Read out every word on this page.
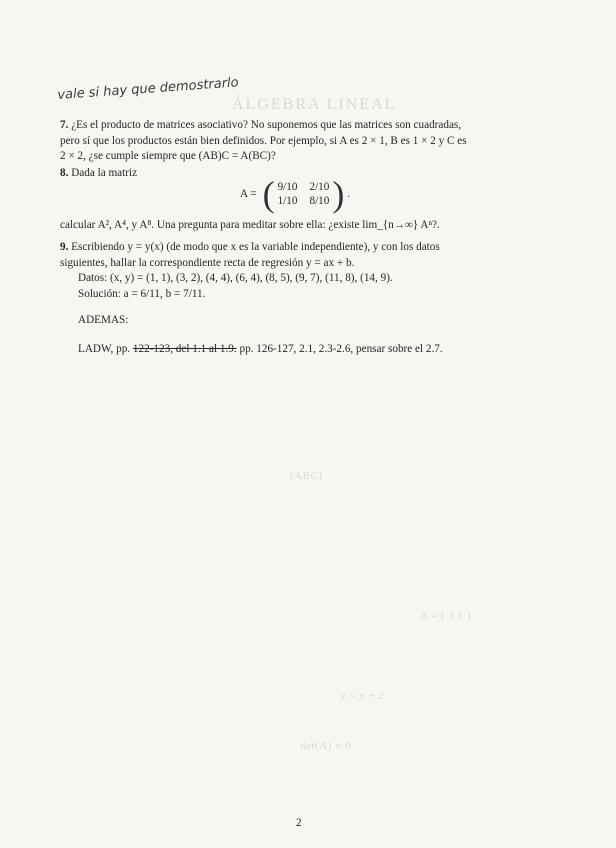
ÁLGEBRA LINEAL
(ABC)
A = ( 3 1 )
y = x + 2
det(A) = 0
vale si hay que demostrarlo
7. ¿Es el producto de matrices asociativo? No suponemos que las matrices son cuadradas,
pero sí que los productos están bien definidos. Por ejemplo, si A es 2 × 1, B es 1 × 2 y C es
2 × 2, ¿se cumple siempre que (AB)C = A(BC)?
8. Dada la matriz
A = ( 9/10 2/10
1/10 8/10 ) .
calcular A², A⁴, y A⁸. Una pregunta para meditar sobre ella: ¿existe lim_{n→∞} Aⁿ?.
9. Escribiendo y = y(x) (de modo que x es la variable independiente), y con los datos
siguientes, hallar la correspondiente recta de regresión y = ax + b.
Datos: (x, y) = (1, 1), (3, 2), (4, 4), (6, 4), (8, 5), (9, 7), (11, 8), (14, 9).
Solución: a = 6/11, b = 7/11.
ADEMAS:
LADW, pp. 122-123, del 1.1 al 1.9. pp. 126-127, 2.1, 2.3-2.6, pensar sobre el 2.7.
2
